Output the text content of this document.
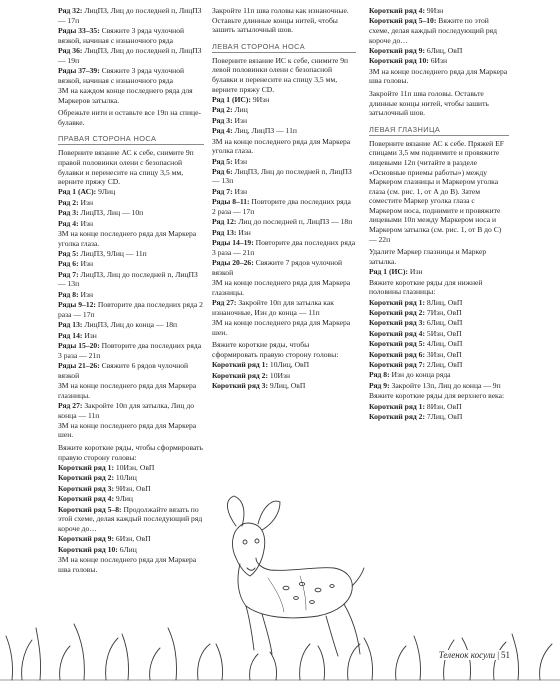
Ряд 32: ЛицПЗ, Лиц до последней п, ЛицПЗ — 17п

Ряды 33–35: Свяжите 3 ряда чулочной вязкой, начиная с изнаночного ряда

Ряд 36: ЛицПЗ, Лиц до последней п, ЛицПЗ — 19п

Ряды 37–39: Свяжите 3 ряда чулочной вязкой, начиная с изнаночного ряда

ЗМ на каждом конце последнего ряда для Маркеров затылка.

Обрежьте нити и оставьте все 19п на спице-булавке.

ПРАВАЯ СТОРОНА НОСА

Поверните вязание АС к себе, снимите 9п правой половинки олени с безопасной булавки и перенесите на спицу 3,5 мм, верните пряжу CD.

Ряд 1 (АС): 9Лиц

Ряд 2: Изн

Ряд 3: ЛицПЗ, Лиц — 10п

Ряд 4: Изн

ЗМ на конце последнего ряда для Маркера уголка глаза.

Ряд 5: ЛицПЗ, 9Лиц — 11п

Ряд 6: Изн

Ряд 7: ЛицПЗ, Лиц до последней п, ЛицПЗ — 13п

Ряд 8: Изн

Ряды 9–12: Повторите два последних ряда 2 раза — 17п

Ряд 13: ЛицПЗ, Лиц до конца — 18п

Ряд 14: Изн

Ряды 15–20: Повторите два последних ряда 3 раза — 21п

Ряды 21–26: Свяжите 6 рядов чулочной вязкой

ЗМ на конце последнего ряда для Маркера глазницы.

Ряд 27: Закройте 10п для затылка, Лиц до конца — 11п

ЗМ на конце последнего ряда для Маркера шеи.

Вяжите короткие ряды, чтобы сформировать правую сторону головы:

Короткий ряд 1: 10Изн, ОвП

Короткий ряд 2: 10Лиц

Короткий ряд 3: 9Изн, ОвП

Короткий ряд 4: 9Лиц

Короткий ряд 5–8: Продолжайте вязать по этой схеме, делая каждый последующий ряд короче до…

Короткий ряд 9: 6Изн, ОвП

Короткий ряд 10: 6Лиц

ЗМ на конце последнего ряда для Маркера шва головы.

Закройте 11п шва головы как изнаночные. Оставьте длинные концы нитей, чтобы зашить затылочный шов.

ЛЕВАЯ СТОРОНА НОСА

Поверните вязание ИС к себе, снимите 9п левой половинки олени с безопасной булавки и перенесите на спицу 3,5 мм, верните пряжу CD.

Ряд 1 (ИС): 9Изн

Ряд 2: Лиц

Ряд 3: Изн

Ряд 4: Лиц, ЛицПЗ — 11п

ЗМ на конце последнего ряда для Маркера уголка глаза.

Ряд 5: Изн

Ряд 6: ЛицПЗ, Лиц до последней п, ЛицПЗ — 13п

Ряд 7: Изн

Ряды 8–11: Повторите два последних ряда 2 раза — 17п

Ряд 12: Лиц до последней п, ЛицПЗ — 18п

Ряд 13: Изн

Ряды 14–19: Повторите два последних ряда 3 раза — 21п

Ряды 20–26: Свяжите 7 рядов чулочной вязкой

ЗМ на конце последнего ряда для Маркера глазницы.

Ряд 27: Закройте 10п для затылка как изнаночные, Изн до конца — 11п

ЗМ на конце последнего ряда для Маркера шеи.

Вяжите короткие ряды, чтобы сформировать правую сторону головы:

Короткий ряд 1: 10Лиц, ОвП

Короткий ряд 2: 10Изн

Короткий ряд 3: 9Лиц, ОвП

Короткий ряд 4: 9Изн

Короткий ряд 5–10: Вяжите по этой схеме, делая каждый последующий ряд короче до…

Короткий ряд 9: 6Лиц, ОвП

Короткий ряд 10: 6Изн

ЗМ на конце последнего ряда для Маркера шва головы.

Закройте 11п шва головы. Оставьте длинные концы нитей, чтобы зашить затылочный шов.

ЛЕВАЯ ГЛАЗНИЦА

Поверните вязание АС к себе. Пряжей EF спицами 3,5 мм поднимите и провяжите лицевыми 12п (читайте в разделе «Основные приемы работы») между Маркером глазницы и Маркером уголка глаза (см. рис. 1, от А до В). Затем соместите Маркер уголка глаза с Маркером носа, поднимите и провяжите лицевыми 10п между Маркером носа и Маркером затылка (см. рис. 1, от В до С) — 22п

Удалите Маркер глазницы и Маркер затылка.

Ряд 1 (ИС): Изн

Вяжите короткие ряды для нижней половины глазницы:

Короткий ряд 1: 8Лиц, ОвП

Короткий ряд 2: 7Изн, ОвП

Короткий ряд 3: 6Лиц, ОвП

Короткий ряд 4: 5Изн, ОвП

Короткий ряд 5: 4Лиц, ОвП

Короткий ряд 6: 3Изн, ОвП

Короткий ряд 7: 2Лиц, ОвП

Ряд 8: Изн до конца ряда

Ряд 9: Закройте 13п, Лиц до конца — 9п

Вяжите короткие ряды для верхнего века:

Короткий ряд 1: 8Изн, ОвП

Короткий ряд 2: 7Лиц, ОвП

Теленок косули | 51
